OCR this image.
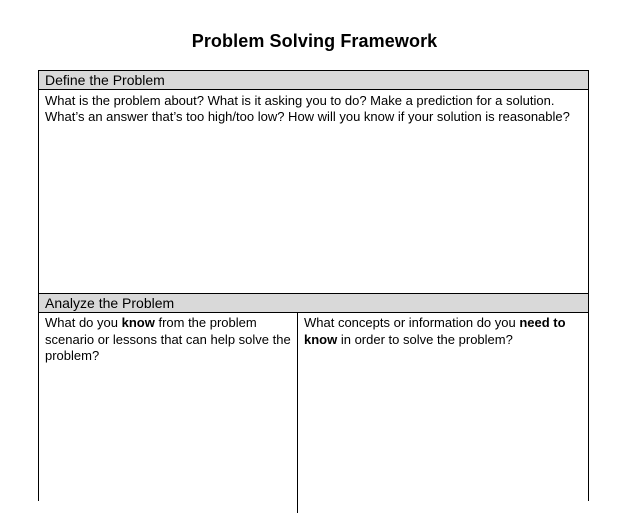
Problem Solving Framework
Define the Problem
What is the problem about? What is it asking you to do? Make a prediction for a solution.
What’s an answer that’s too high/too low? How will you know if your solution is reasonable?
Analyze the Problem
What do you know from the problem scenario or lessons that can help solve the problem?
What concepts or information do you need to know in order to solve the problem?
